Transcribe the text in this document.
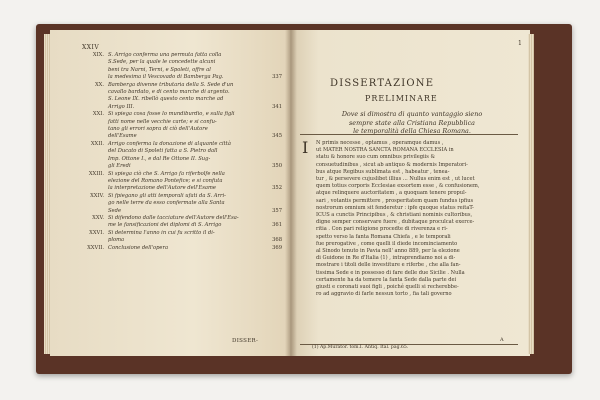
XXIV
XIX. S. Arrigo conferma una permuta fatta colla
S.Sede, per la quale le concedette alcuni
beni tra Narni, Terni, e Spoleti, offre al
la medesima il Vescovado di Bamberga Pag.	337
XX. Bamberga divenne tributaria della S. Sede d'un
cavallo bardato, e di cento marche di argento.
S. Leone IX. ribellò questo cento marche ad
Arrigo III.	341
XXI. Si spiega cosa fosse lo mundiburdio, e sulla figli
fatti nome nelle vecchie carte; e si confu-
tano gli errori sopra di ciò dell'Autore
dell'Esame	345
XXII. Arrigo conferma la donazione di alquante città
del Ducato di Spoleti fatta a S. Pietro dall
Imp. Ottone I., e dal Re Ottone II. Sug-
gli Eredi	350
XXIII. Si spiega ciò che S. Arrigo fa riferbolfe nella
elezione del Romano Pontefice; e si confuta
la interpretazione dell'Autore dell'Esame	352
XXIV. Si fpiegano gli atti temporali ufati da S. Arri-
go nelle terre da esso confermate alla Santa
Sede	357
XXV. Si difendono dalle tacciature dell'Autore dell'Esa-
me le fansificazioni dei diplomi di S. Arrigo	361
XXVI. Si determina l'anno in cui fu scritto il di-
ploma	368
XXVII. Conclusione dell'opera	369
DISSER-
1
DISSERTAZIONE
PRELIMINARE
Dove si dimostra di quanto vantaggio sieno
sempre state alla Cristiana Repubblica
le temporalità della Chiesa Romana.
I N primis necesse , optamus , operamque damus ,
ut MATER NOSTRA SANCTA ROMANA ECCLESIA in
statu & honore suo cum omnibus privilegiis &
consuetudinibus , sicut ab antiquo & modernis Imperatori-
bus atque Regibus sublimata est , habeatur , tenea-
tur , & persevere cujuslibet illius ... Nullus enim est , ut lucet
quem totius corporis Ecclesiae exsortem esse , & confusionem,
atque relinquere auctoritatem , a quoquam tenere propul-
sari , votantis permittere , prosperitatem quam fundus ipfius
nostrorum omnium sit fenderetur : ipfe quoque status reitaT-
ICUS a cunctis Principibus , & christiani nominis cultoribus,
digne semper conservare fuere , dubitaque proculcat exerce-
ritia . Con pari religione procedte di riverenza e ri-
spetto verso la fanta Romana Chiefa , e le temporali
fue prerogative , come quelli il diede incominciamento
al Sinodo tenuto in Pavia nell' anno 889, per la elezione
di Guidone in Re d'Italia (1) , intraprendiamo noi a di-
mostrare i titoli delle investiture e riferbe , che alla fan-
tissima Sede e in possesso di fare delle due Sicilie . Nulla
certamente ha da temere la fanta Sede dalla parte dei
giusti e coronati suoi figli , poiché quelli si recherebbe-
ro ad aggravio di farle nessun torto , fia tali governo
A
(1) Ap.Murator. tom.I. Antiq. Ital. pag.65.
